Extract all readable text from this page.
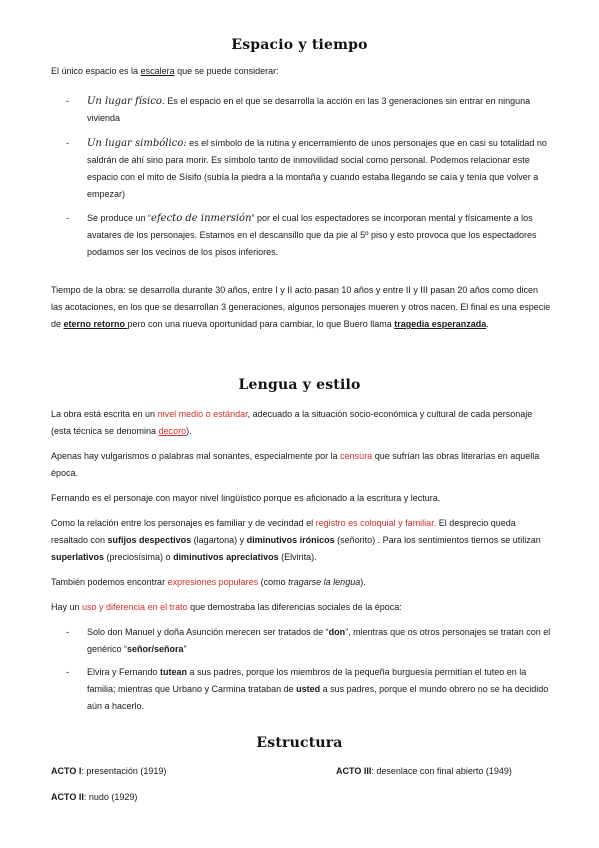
Espacio y tiempo

El único espacio es la escalera que se puede considerar:

-	Un lugar físico. Es el espacio en el que se desarrolla la acción en las 3 generaciones sin entrar en ninguna vivienda

-	Un lugar simbólico: es el símbolo de la rutina y encerramiento de unos personajes que en casi su totalidad no saldrán de ahí sino para morir. Es símbolo tanto de inmovilidad social como personal. Podemos relacionar este espacio con el mito de Sísifo (subía la piedra a la montaña y cuando estaba llegando se caía y tenía que volver a empezar)

-	Se produce un “efecto de inmersión” por el cual los espectadores se incorporan mental y físicamente a los avatares de los personajes. Estamos en el descansillo que da pie al 5º piso y esto provoca que los espectadores podamos ser los vecinos de los pisos inferiores.

Tiempo de la obra: se desarrolla durante 30 años, entre I y II acto pasan 10 años y entre II y III pasan 20 años como dicen las acotaciones, en los que se desarrollan 3 generaciones, algunos personajes mueren y otros nacen. El final es una especie de eterno retorno pero con una nueva oportunidad para cambiar, lo que Buero llama tragedia esperanzada.

Lengua y estilo

La obra está escrita en un nivel medio o estándar, adecuado a la situación socio-económica y cultural de cada personaje (esta técnica se denomina decoro).

Apenas hay vulgarismos o palabras mal sonantes, especialmente por la censura que sufrían las obras literarias en aquella época.

Fernando es el personaje con mayor nivel lingüístico porque es aficionado a la escritura y lectura.

Como la relación entre los personajes es familiar y de vecindad el registro es coloquial y familiar. El desprecio queda resaltado con sufijos despectivos (lagartona) y diminutivos irónicos (señorito) . Para los sentimientos tiernos se utilizan superlativos (preciosísima) o diminutivos apreciativos (Elvirita).

También podemos encontrar expresiones populares (como tragarse la lengua).

Hay un uso y diferencia en el trato que demostraba las diferencias sociales de la época:

-	Solo don Manuel y doña Asunción merecen ser tratados de “don”, mientras que os otros personajes se tratan con el genérico “señor/señora”

-	Elvira y Fernando tutean a sus padres, porque los miembros de la pequeña burguesía permitían el tuteo en la familia; mientras que Urbano y Carmina trataban de usted a sus padres, porque el mundo obrero no se ha decidido aún a hacerlo.

Estructura
ACTO I: presentación (1919)	ACTO III: desenlace con final abierto (1949)
ACTO II: nudo (1929)
